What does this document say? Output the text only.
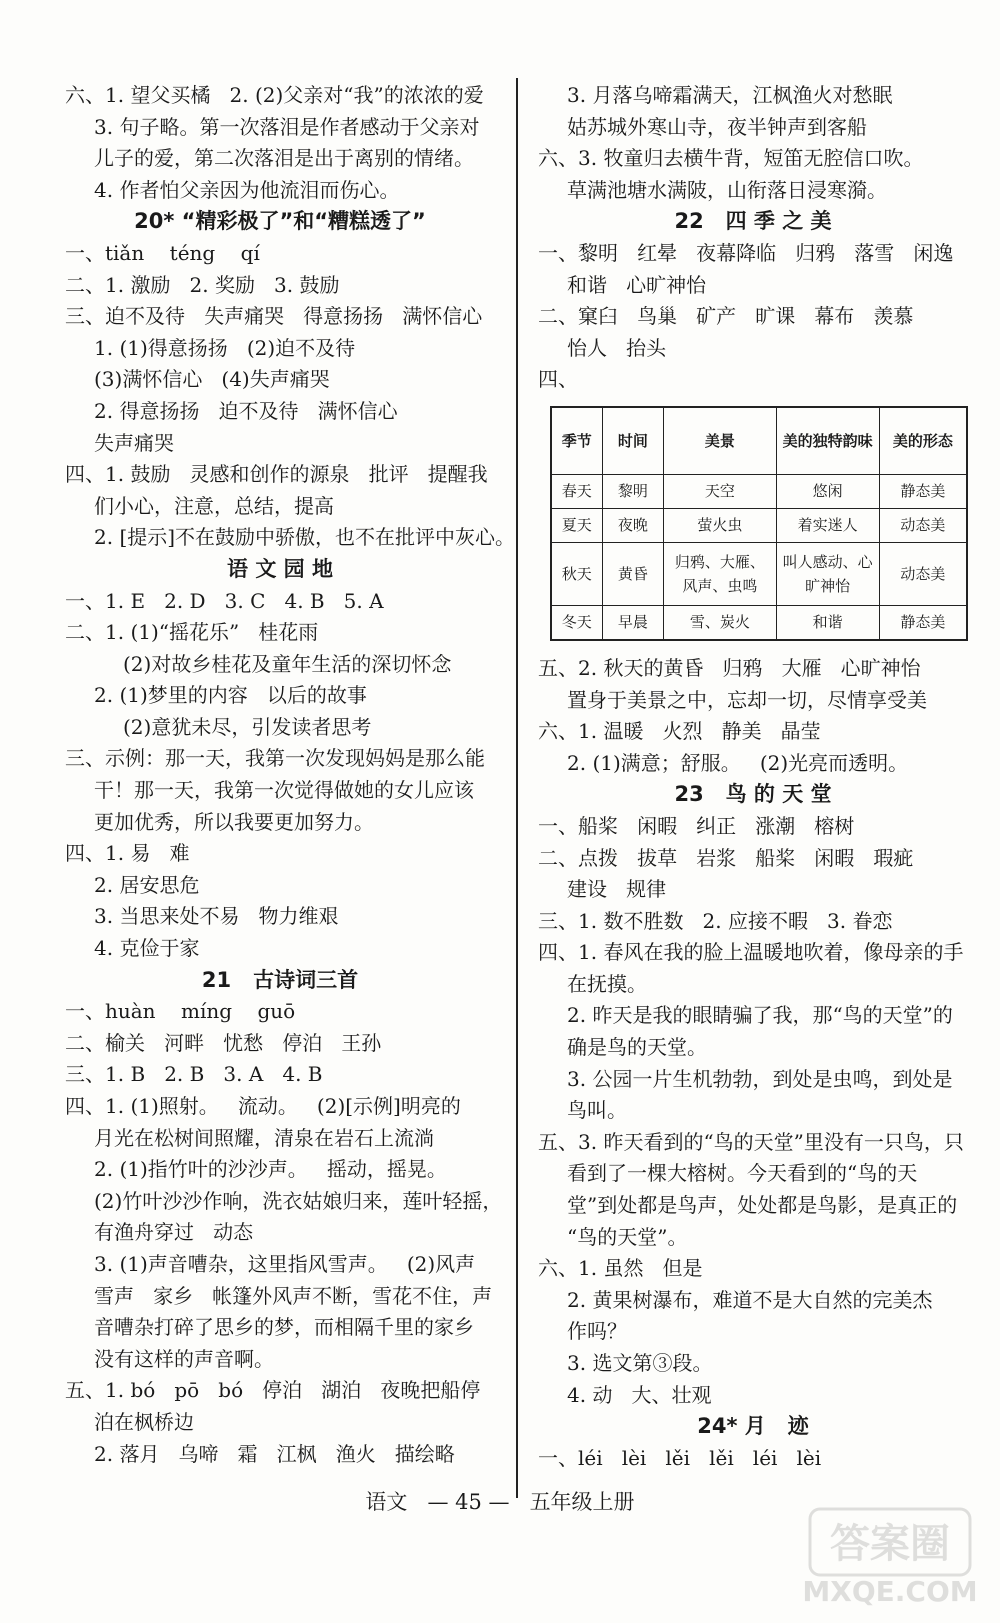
六、1. 望父买橘   2. (2)父亲对“我”的浓浓的爱
3. 句子略。第一次落泪是作者感动于父亲对
儿子的爱，第二次落泪是出于离别的情绪。
4. 作者怕父亲因为他流泪而伤心。
20* “精彩极了”和“糟糕透了”
一、tiǎn    téng    qí
二、1. 激励   2. 奖励   3. 鼓励
三、迫不及待   失声痛哭   得意扬扬   满怀信心
1. (1)得意扬扬   (2)迫不及待
(3)满怀信心   (4)失声痛哭
2. 得意扬扬   迫不及待   满怀信心
失声痛哭
四、1. 鼓励   灵感和创作的源泉   批评   提醒我
们小心，注意，总结，提高
2. [提示]不在鼓励中骄傲，也不在批评中灰心。
语 文 园 地
一、1. E   2. D   3. C   4. B   5. A
二、1. (1)“摇花乐”   桂花雨
(2)对故乡桂花及童年生活的深切怀念
2. (1)梦里的内容   以后的故事
(2)意犹未尽，引发读者思考
三、示例：那一天，我第一次发现妈妈是那么能
干！那一天，我第一次觉得做她的女儿应该
更加优秀，所以我要更加努力。
四、1. 易   难
2. 居安思危
3. 当思来处不易   物力维艰
4. 克俭于家
21   古诗词三首
一、huàn    míng    guō
二、榆关   河畔   忧愁   停泊   王孙
三、1. B   2. B   3. A   4. B
四、1. (1)照射。   流动。   (2)[示例]明亮的
月光在松树间照耀，清泉在岩石上流淌
2. (1)指竹叶的沙沙声。   摇动，摇晃。
(2)竹叶沙沙作响，洗衣姑娘归来，莲叶轻摇，
有渔舟穿过   动态
3. (1)声音嘈杂，这里指风雪声。   (2)风声
雪声   家乡   帐篷外风声不断，雪花不住，声
音嘈杂打碎了思乡的梦，而相隔千里的家乡
没有这样的声音啊。
五、1. bó   pō   bó   停泊   湖泊   夜晚把船停
泊在枫桥边
2. 落月   乌啼   霜   江枫   渔火   描绘略
3. 月落乌啼霜满天，江枫渔火对愁眠
姑苏城外寒山寺，夜半钟声到客船
六、3. 牧童归去横牛背，短笛无腔信口吹。
草满池塘水满陂，山衔落日浸寒漪。
22   四 季 之 美
一、黎明   红晕   夜幕降临   归鸦   落雪   闲逸
和谐   心旷神怡
二、窠臼   鸟巢   矿产   旷课   幕布   羡慕
怡人   抬头
四、
季节	时间	美景	美的独特韵味	美的形态
春天	黎明	天空	悠闲	静态美
夏天	夜晚	萤火虫	着实迷人	动态美
秋天	黄昏	归鸦、大雁、风声、虫鸣	叫人感动、心旷神怡	动态美
冬天	早晨	雪、炭火	和谐	静态美
五、2. 秋天的黄昏   归鸦   大雁   心旷神怡
置身于美景之中，忘却一切，尽情享受美
六、1. 温暖   火烈   静美   晶莹
2. (1)满意；舒服。   (2)光亮而透明。
23   鸟 的 天 堂
一、船桨   闲暇   纠正   涨潮   榕树
二、点拨   拔草   岩浆   船桨   闲暇   瑕疵
建设   规律
三、1. 数不胜数   2. 应接不暇   3. 眷恋
四、1. 春风在我的脸上温暖地吹着，像母亲的手
在抚摸。
2. 昨天是我的眼睛骗了我，那“鸟的天堂”的
确是鸟的天堂。
3. 公园一片生机勃勃，到处是虫鸣，到处是
鸟叫。
五、3. 昨天看到的“鸟的天堂”里没有一只鸟，只
看到了一棵大榕树。今天看到的“鸟的天
堂”到处都是鸟声，处处都是鸟影，是真正的
“鸟的天堂”。
六、1. 虽然   但是
2. 黄果树瀑布，难道不是大自然的完美杰
作吗？
3. 选文第③段。
4. 动   大、壮观
24* 月   迹
一、léi   lèi   lěi   lěi   léi   lèi
语文 — 45 — 五年级上册
答案圈
MXQE.COM
